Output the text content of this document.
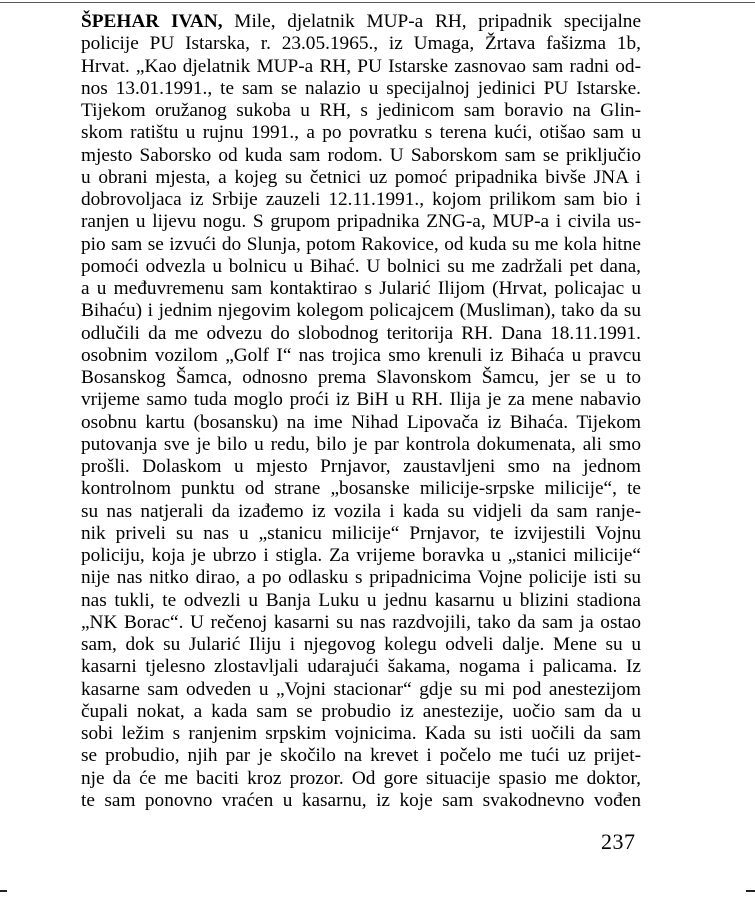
ŠPEHAR IVAN, Mile, djelatnik MUP-a RH, pripadnik specijalne
policije PU Istarska, r. 23.05.1965., iz Umaga, Žrtava fašizma 1b,
Hrvat. „Kao djelatnik MUP-a RH, PU Istarske zasnovao sam radni od-
nos 13.01.1991., te sam se nalazio u specijalnoj jedinici PU Istarske.
Tijekom oružanog sukoba u RH, s jedinicom sam boravio na Glin-
skom ratištu u rujnu 1991., a po povratku s terena kući, otišao sam u
mjesto Saborsko od kuda sam rodom. U Saborskom sam se priključio
u obrani mjesta, a kojeg su četnici uz pomoć pripadnika bivše JNA i
dobrovoljaca iz Srbije zauzeli 12.11.1991., kojom prilikom sam bio i
ranjen u lijevu nogu. S grupom pripadnika ZNG-a, MUP-a i civila us-
pio sam se izvući do Slunja, potom Rakovice, od kuda su me kola hitne
pomoći odvezla u bolnicu u Bihać. U bolnici su me zadržali pet dana,
a u međuvremenu sam kontaktirao s Jularić Ilijom (Hrvat, policajac u
Bihaću) i jednim njegovim kolegom policajcem (Musliman), tako da su
odlučili da me odvezu do slobodnog teritorija RH. Dana 18.11.1991.
osobnim vozilom „Golf I“ nas trojica smo krenuli iz Bihaća u pravcu
Bosanskog Šamca, odnosno prema Slavonskom Šamcu, jer se u to
vrijeme samo tuda moglo proći iz BiH u RH. Ilija je za mene nabavio
osobnu kartu (bosansku) na ime Nihad Lipovača iz Bihaća. Tijekom
putovanja sve je bilo u redu, bilo je par kontrola dokumenata, ali smo
prošli. Dolaskom u mjesto Prnjavor, zaustavljeni smo na jednom
kontrolnom punktu od strane „bosanske milicije-srpske milicije“, te
su nas natjerali da izađemo iz vozila i kada su vidjeli da sam ranje-
nik priveli su nas u „stanicu milicije“ Prnjavor, te izvijestili Vojnu
policiju, koja je ubrzo i stigla. Za vrijeme boravka u „stanici milicije“
nije nas nitko dirao, a po odlasku s pripadnicima Vojne policije isti su
nas tukli, te odvezli u Banja Luku u jednu kasarnu u blizini stadiona
„NK Borac“. U rečenoj kasarni su nas razdvojili, tako da sam ja ostao
sam, dok su Jularić Iliju i njegovog kolegu odveli dalje. Mene su u
kasarni tjelesno zlostavljali udarajući šakama, nogama i palicama. Iz
kasarne sam odveden u „Vojni stacionar“ gdje su mi pod anestezijom
čupali nokat, a kada sam se probudio iz anestezije, uočio sam da u
sobi ležim s ranjenim srpskim vojnicima. Kada su isti uočili da sam
se probudio, njih par je skočilo na krevet i počelo me tući uz prijet-
nje da će me baciti kroz prozor. Od gore situacije spasio me doktor,
te sam ponovno vraćen u kasarnu, iz koje sam svakodnevno vođen
237
